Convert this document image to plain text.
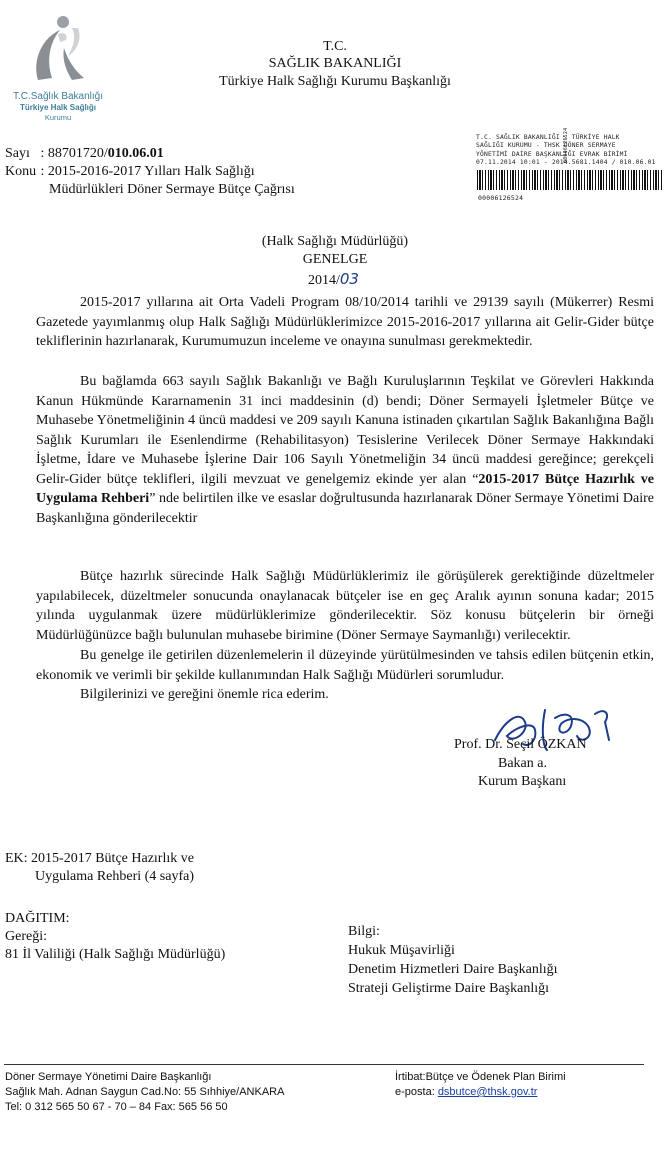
T.C.Sağlık Bakanlığı
Türkiye Halk Sağlığı
Kurumu
T.C.
SAĞLIK BAKANLIĞI
Türkiye Halk Sağlığı Kurumu Başkanlığı
Sayı : 88701720/010.06.01
Konu : 2015-2016-2017 Yılları Halk Sağlığı
Müdürlükleri Döner Sermaye Bütçe Çağrısı
T.C. SAĞLIK BAKANLIĞI - TÜRKİYE HALK
SAĞLIĞI KURUMU - THSK DÖNER SERMAYE
YÖNETİMİ DAİRE BAŞKANLIĞI EVRAK BİRİMİ
07.11.2014 10:01 - 2014.5681.1404 / 010.06.01
00006126524
00006126524
(Halk Sağlığı Müdürlüğü)
GENELGE
2014/03
2015-2017 yıllarına ait Orta Vadeli Program 08/10/2014 tarihli ve 29139 sayılı (Mükerrer) Resmi Gazetede yayımlanmış olup Halk Sağlığı Müdürlüklerimizce 2015-2016-2017 yıllarına ait Gelir-Gider bütçe tekliflerinin hazırlanarak, Kurumumuzun inceleme ve onayına sunulması gerekmektedir.
Bu bağlamda 663 sayılı Sağlık Bakanlığı ve Bağlı Kuruluşlarının Teşkilat ve Görevleri Hakkında Kanun Hükmünde Kararnamenin 31 inci maddesinin (d) bendi; Döner Sermayeli İşletmeler Bütçe ve Muhasebe Yönetmeliğinin 4 üncü maddesi ve 209 sayılı Kanuna istinaden çıkartılan Sağlık Bakanlığına Bağlı Sağlık Kurumları ile Esenlendirme (Rehabilitasyon) Tesislerine Verilecek Döner Sermaye Hakkındaki İşletme, İdare ve Muhasebe İşlerine Dair 106 Sayılı Yönetmeliğin 34 üncü maddesi gereğince; gerekçeli Gelir-Gider bütçe teklifleri, ilgili mevzuat ve genelgemiz ekinde yer alan “2015-2017 Bütçe Hazırlık ve Uygulama Rehberi” nde belirtilen ilke ve esaslar doğrultusunda hazırlanarak Döner Sermaye Yönetimi Daire Başkanlığına gönderilecektir
Bütçe hazırlık sürecinde Halk Sağlığı Müdürlüklerimiz ile görüşülerek gerektiğinde düzeltmeler yapılabilecek, düzeltmeler sonucunda onaylanacak bütçeler ise en geç Aralık ayının sonuna kadar; 2015 yılında uygulanmak üzere müdürlüklerimize gönderilecektir. Söz konusu bütçelerin bir örneği Müdürlüğünüzce bağlı bulunulan muhasebe birimine (Döner Sermaye Saymanlığı) verilecektir.
Bu genelge ile getirilen düzenlemelerin il düzeyinde yürütülmesinden ve tahsis edilen bütçenin etkin, ekonomik ve verimli bir şekilde kullanımından Halk Sağlığı Müdürleri sorumludur.
Bilgilerinizi ve gereğini önemle rica ederim.
Prof. Dr. Seçil ÖZKAN
Bakan a.
Kurum Başkanı
EK: 2015-2017 Bütçe Hazırlık ve
Uygulama Rehberi (4 sayfa)
DAĞITIM:
Gereği:
81 İl Valiliği (Halk Sağlığı Müdürlüğü)
Bilgi:
Hukuk Müşavirliği
Denetim Hizmetleri Daire Başkanlığı
Strateji Geliştirme Daire Başkanlığı
Döner Sermaye Yönetimi Daire Başkanlığı
Sağlık Mah. Adnan Saygun Cad.No: 55 Sıhhiye/ANKARA
Tel: 0 312 565 50 67 - 70 – 84 Fax: 565 56 50
İrtibat:Bütçe ve Ödenek Plan Birimi
e-posta: dsbutce@thsk.gov.tr
